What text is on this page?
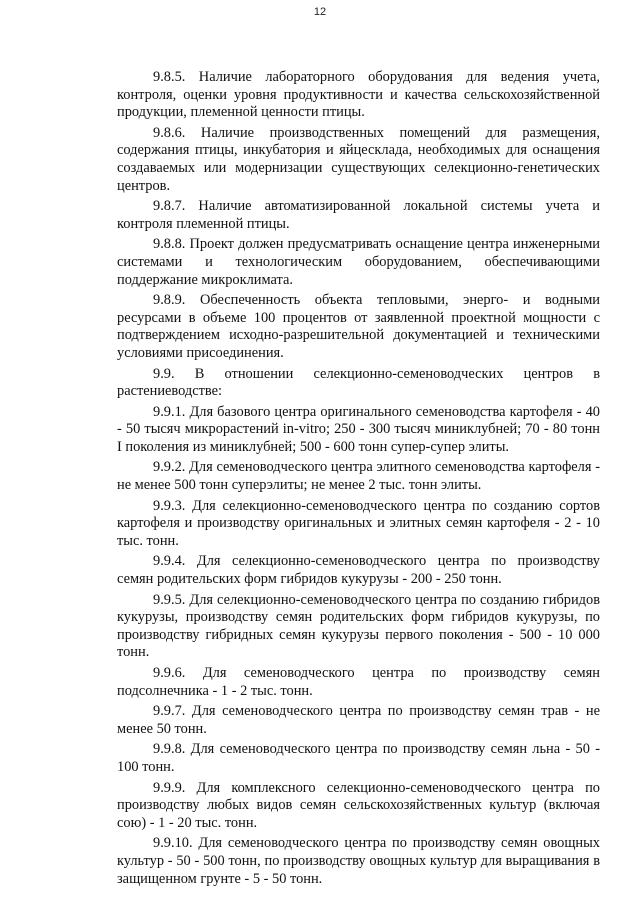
12

9.8.5. Наличие лабораторного оборудования для ведения учета, контроля, оценки уровня продуктивности и качества сельскохозяйственной продукции, племенной ценности птицы.

9.8.6. Наличие производственных помещений для размещения, содержания птицы, инкубатория и яйцесклада, необходимых для оснащения создаваемых или модернизации существующих селекционно-генетических центров.

9.8.7. Наличие автоматизированной локальной системы учета и контроля племенной птицы.

9.8.8. Проект должен предусматривать оснащение центра инженерными системами и технологическим оборудованием, обеспечивающими поддержание микроклимата.

9.8.9. Обеспеченность объекта тепловыми, энерго- и водными ресурсами в объеме 100 процентов от заявленной проектной мощности с подтверждением исходно-разрешительной документацией и техническими условиями присоединения.

9.9. В отношении селекционно-семеноводческих центров в растениеводстве:

9.9.1. Для базового центра оригинального семеноводства картофеля - 40 - 50 тысяч микрорастений in-vitro; 250 - 300 тысяч миниклубней; 70 - 80 тонн I поколения из миниклубней; 500 - 600 тонн супер-супер элиты.

9.9.2. Для семеноводческого центра элитного семеноводства картофеля - не менее 500 тонн суперэлиты; не менее 2 тыс. тонн элиты.

9.9.3. Для селекционно-семеноводческого центра по созданию сортов картофеля и производству оригинальных и элитных семян картофеля - 2 - 10 тыс. тонн.

9.9.4. Для селекционно-семеноводческого центра по производству семян родительских форм гибридов кукурузы - 200 - 250 тонн.

9.9.5. Для селекционно-семеноводческого центра по созданию гибридов кукурузы, производству семян родительских форм гибридов кукурузы, по производству гибридных семян кукурузы первого поколения - 500 - 10 000 тонн.

9.9.6. Для семеноводческого центра по производству семян подсолнечника - 1 - 2 тыс. тонн.

9.9.7. Для семеноводческого центра по производству семян трав - не менее 50 тонн.

9.9.8. Для семеноводческого центра по производству семян льна - 50 - 100 тонн.

9.9.9. Для комплексного селекционно-семеноводческого центра по производству любых видов семян сельскохозяйственных культур (включая сою) - 1 - 20 тыс. тонн.

9.9.10. Для семеноводческого центра по производству семян овощных культур - 50 - 500 тонн, по производству овощных культур для выращивания в защищенном грунте - 5 - 50 тонн.
